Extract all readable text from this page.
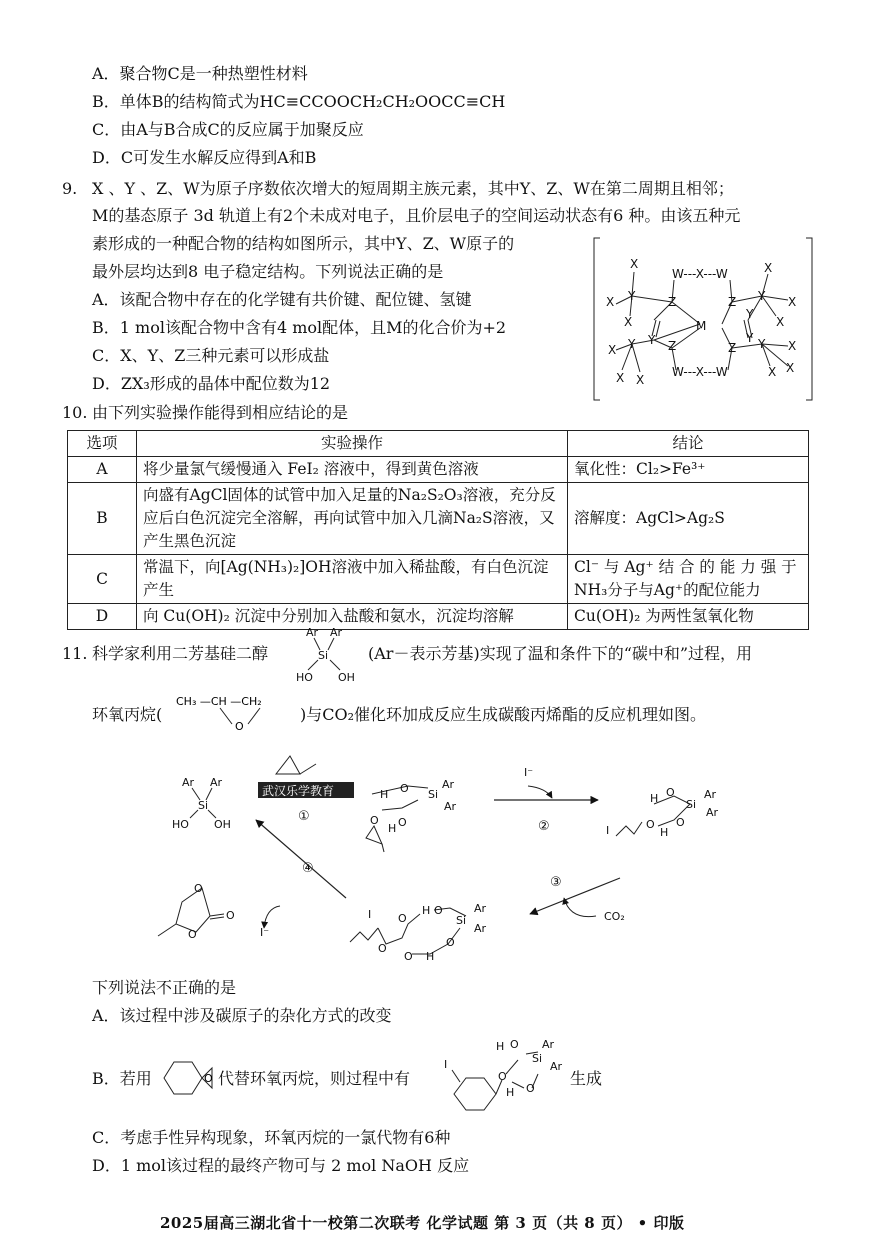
A．聚合物C是一种热塑性材料
B．单体B的结构简式为HC≡CCOOCH₂CH₂OOCC≡CH
C．由A与B合成C的反应属于加聚反应
D．C可发生水解反应得到A和B
9. X 、Y 、Z、W为原子序数依次增大的短周期主族元素，其中Y、Z、W在第二周期且相邻；
M的基态原子 3d 轨道上有2个未成对电子，且价层电子的空间运动状态有6 种。由该五种元
素形成的一种配合物的结构如图所示，其中Y、Z、W原子的
最外层均达到8 电子稳定结构。下列说法正确的是
A．该配合物中存在的化学键有共价键、配位键、氢键
B．1 mol该配合物中含有4 mol配体，且M的化合价为+2
C．X、Y、Z三种元素可以形成盐
D．ZX₃形成的晶体中配位数为12
X
X
X
Y	Z
Y Z
W---X---W
W---X---W
M
Z
Y
Y
X
X
X
Z
Y Y X
X X
Y
X
X X
10. 由下列实验操作能得到相应结论的是
选项	实验操作	结论
A	将少量氯气缓慢通入 FeI₂ 溶液中，得到黄色溶液	氧化性：Cl₂>Fe³⁺
B	向盛有AgCl固体的试管中加入足量的Na₂S₂O₃溶液，充分反应后白色沉淀完全溶解，再向试管中加入几滴Na₂S溶液，又产生黑色沉淀	溶解度：AgCl>Ag₂S
C	常温下，向[Ag(NH₃)₂]OH溶液中加入稀盐酸，有白色沉淀产生	Cl⁻ 与 Ag⁺ 结 合 的 能 力 强 于 NH₃分子与Ag⁺的配位能力
D	向 Cu(OH)₂ 沉淀中分别加入盐酸和氨水，沉淀均溶解	Cu(OH)₂ 为两性氢氧化物
11. 科学家利用二芳基硅二醇
Ar Ar
Si
HO OH
(Ar－表示芳基)实现了温和条件下的“碳中和”过程，用
环氧丙烷(
CH₃ —CH —CH₂
O
)与CO₂催化环加成反应生成碳酸丙烯酯的反应机理如图。
Ar Ar
Si
HO OH
①
H O Si
Ar
Ar
O
H O
I⁻
②
H O
Si
Ar
Ar
O
H
O
I
③
CO₂
④
O
O
O	I⁻
I O
H O
Si
Ar
Ar
O
O
O H
武汉乐学教育
下列说法不正确的是
A．该过程中涉及碳原子的杂化方式的改变
B．若用	O 代替环氧丙烷，则过程中有
I
O
H O
Si
Ar
Ar
H O
生成
C．考虑手性异构现象，环氧丙烷的一氯代物有6种
D．1 mol该过程的最终产物可与 2 mol NaOH 反应
2025届高三湖北省十一校第二次联考 化学试题 第 3 页（共 8 页） • 印版
